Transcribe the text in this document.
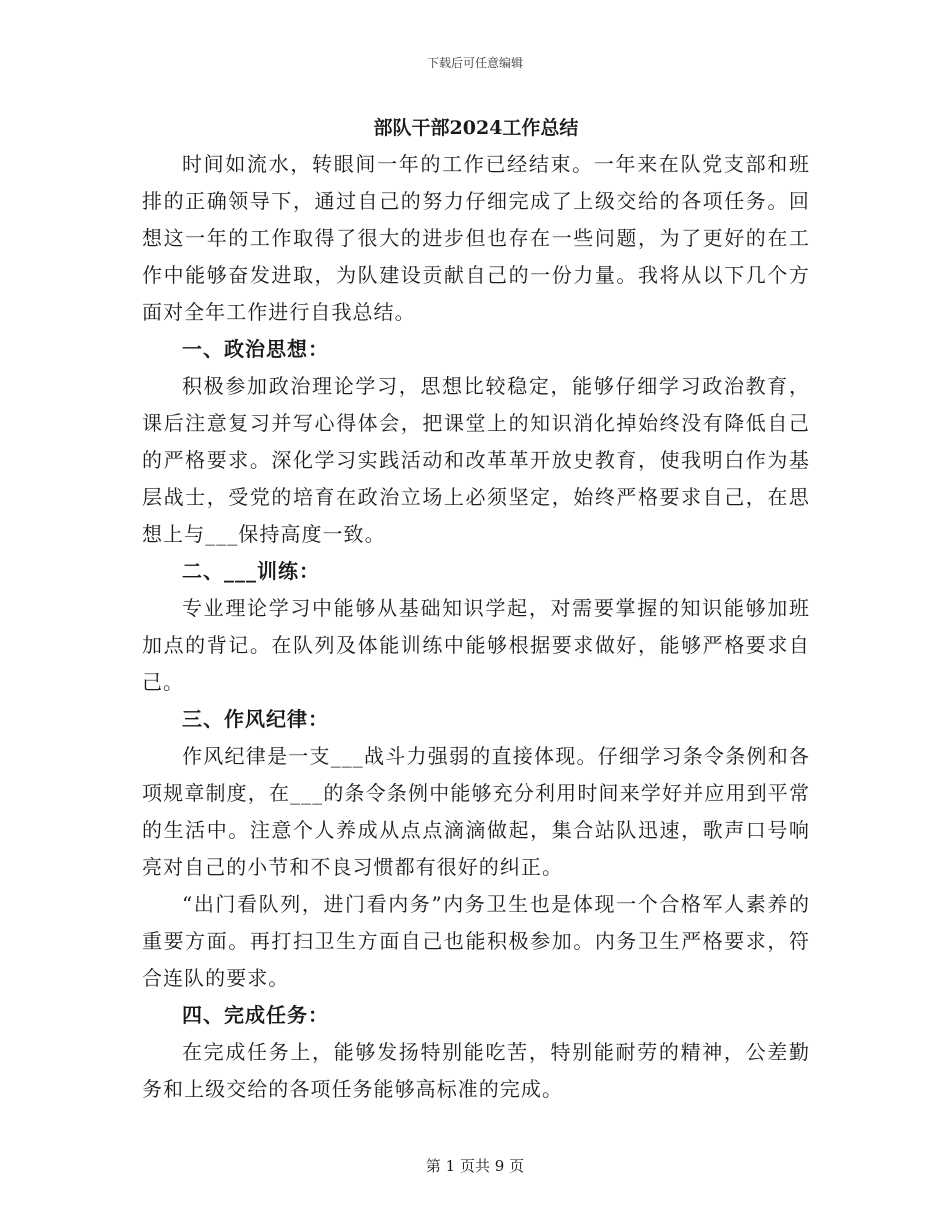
下载后可任意编辑
部队干部2024工作总结

时间如流水，转眼间一年的工作已经结束。一年来在队党支部和班排的正确领导下，通过自己的努力仔细完成了上级交给的各项任务。回想这一年的工作取得了很大的进步但也存在一些问题，为了更好的在工作中能够奋发进取，为队建设贡献自己的一份力量。我将从以下几个方面对全年工作进行自我总结。

一、政治思想：

积极参加政治理论学习，思想比较稳定，能够仔细学习政治教育，课后注意复习并写心得体会，把课堂上的知识消化掉始终没有降低自己的严格要求。深化学习实践活动和改革革开放史教育，使我明白作为基层战士，受党的培育在政治立场上必须坚定，始终严格要求自己，在思想上与___保持高度一致。

二、___训练：

专业理论学习中能够从基础知识学起，对需要掌握的知识能够加班加点的背记。在队列及体能训练中能够根据要求做好，能够严格要求自己。

三、作风纪律：

作风纪律是一支___战斗力强弱的直接体现。仔细学习条令条例和各项规章制度，在___的条令条例中能够充分利用时间来学好并应用到平常的生活中。注意个人养成从点点滴滴做起，集合站队迅速，歌声口号响亮对自己的小节和不良习惯都有很好的纠正。

“出门看队列，进门看内务”内务卫生也是体现一个合格军人素养的重要方面。再打扫卫生方面自己也能积极参加。内务卫生严格要求，符合连队的要求。

四、完成任务：

在完成任务上，能够发扬特别能吃苦，特别能耐劳的精神，公差勤务和上级交给的各项任务能够高标准的完成。

第 1 页共 9 页
